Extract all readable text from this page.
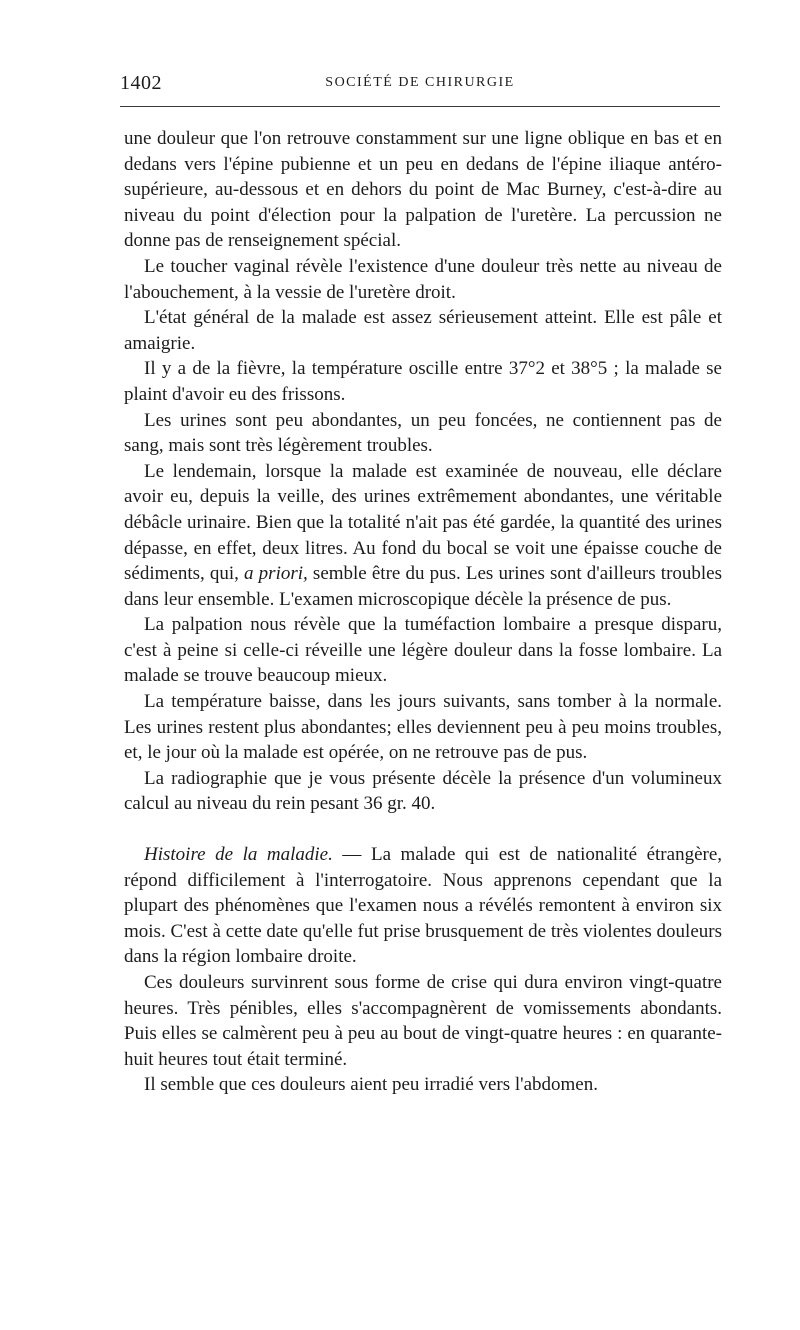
1402	SOCIÉTÉ DE CHIRURGIE

une douleur que l'on retrouve constamment sur une ligne oblique en bas et en dedans vers l'épine pubienne et un peu en dedans de l'épine iliaque antéro-supérieure, au-dessous et en dehors du point de Mac Burney, c'est-à-dire au niveau du point d'élection pour la palpation de l'uretère. La percussion ne donne pas de renseignement spécial.

Le toucher vaginal révèle l'existence d'une douleur très nette au niveau de l'abouchement, à la vessie de l'uretère droit.

L'état général de la malade est assez sérieusement atteint. Elle est pâle et amaigrie.

Il y a de la fièvre, la température oscille entre 37°2 et 38°5 ; la malade se plaint d'avoir eu des frissons.

Les urines sont peu abondantes, un peu foncées, ne contiennent pas de sang, mais sont très légèrement troubles.

Le lendemain, lorsque la malade est examinée de nouveau, elle déclare avoir eu, depuis la veille, des urines extrêmement abondantes, une véritable débâcle urinaire. Bien que la totalité n'ait pas été gardée, la quantité des urines dépasse, en effet, deux litres. Au fond du bocal se voit une épaisse couche de sédiments, qui, a priori, semble être du pus. Les urines sont d'ailleurs troubles dans leur ensemble. L'examen microscopique décèle la présence de pus.

La palpation nous révèle que la tuméfaction lombaire a presque disparu, c'est à peine si celle-ci réveille une légère douleur dans la fosse lombaire. La malade se trouve beaucoup mieux.

La température baisse, dans les jours suivants, sans tomber à la normale. Les urines restent plus abondantes; elles deviennent peu à peu moins troubles, et, le jour où la malade est opérée, on ne retrouve pas de pus.

La radiographie que je vous présente décèle la présence d'un volumineux calcul au niveau du rein pesant 36 gr. 40.

Histoire de la maladie. — La malade qui est de nationalité étrangère, répond difficilement à l'interrogatoire. Nous apprenons cependant que la plupart des phénomènes que l'examen nous a révélés remontent à environ six mois. C'est à cette date qu'elle fut prise brusquement de très violentes douleurs dans la région lombaire droite.

Ces douleurs survinrent sous forme de crise qui dura environ vingt-quatre heures. Très pénibles, elles s'accompagnèrent de vomissements abondants. Puis elles se calmèrent peu à peu au bout de vingt-quatre heures : en quarante-huit heures tout était terminé.

Il semble que ces douleurs aient peu irradié vers l'abdomen.
